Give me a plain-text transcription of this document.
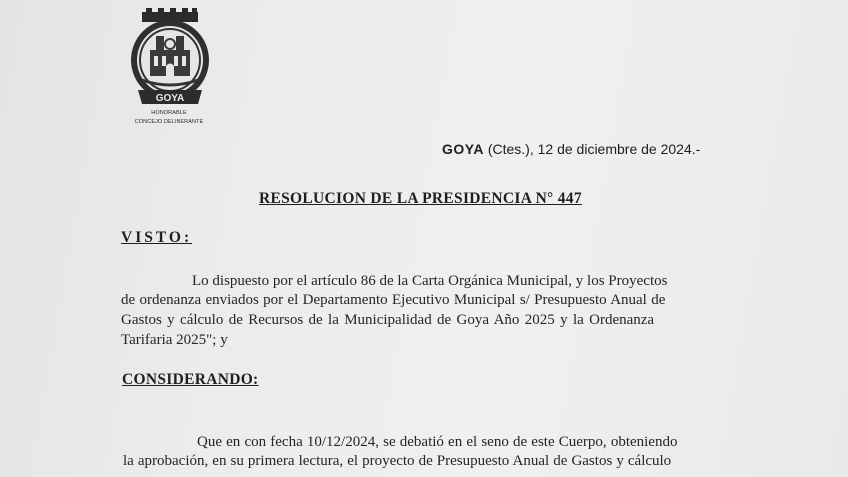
GOYA
HONORABLE
CONCEJO DELIBERANTE
GOYA (Ctes.), 12 de diciembre de 2024.-
RESOLUCION DE LA PRESIDENCIA N° 447
VISTO:
Lo dispuesto por el artículo 86 de la Carta Orgánica Municipal, y los Proyectos
de ordenanza enviados por el Departamento Ejecutivo Municipal s/ Presupuesto Anual de
Gastos y cálculo de Recursos de la Municipalidad de Goya Año 2025 y la Ordenanza
Tarifaria 2025"; y
CONSIDERANDO:
Que en con fecha 10/12/2024, se debatió en el seno de este Cuerpo, obteniendo
la aprobación, en su primera lectura, el proyecto de Presupuesto Anual de Gastos y cálculo
